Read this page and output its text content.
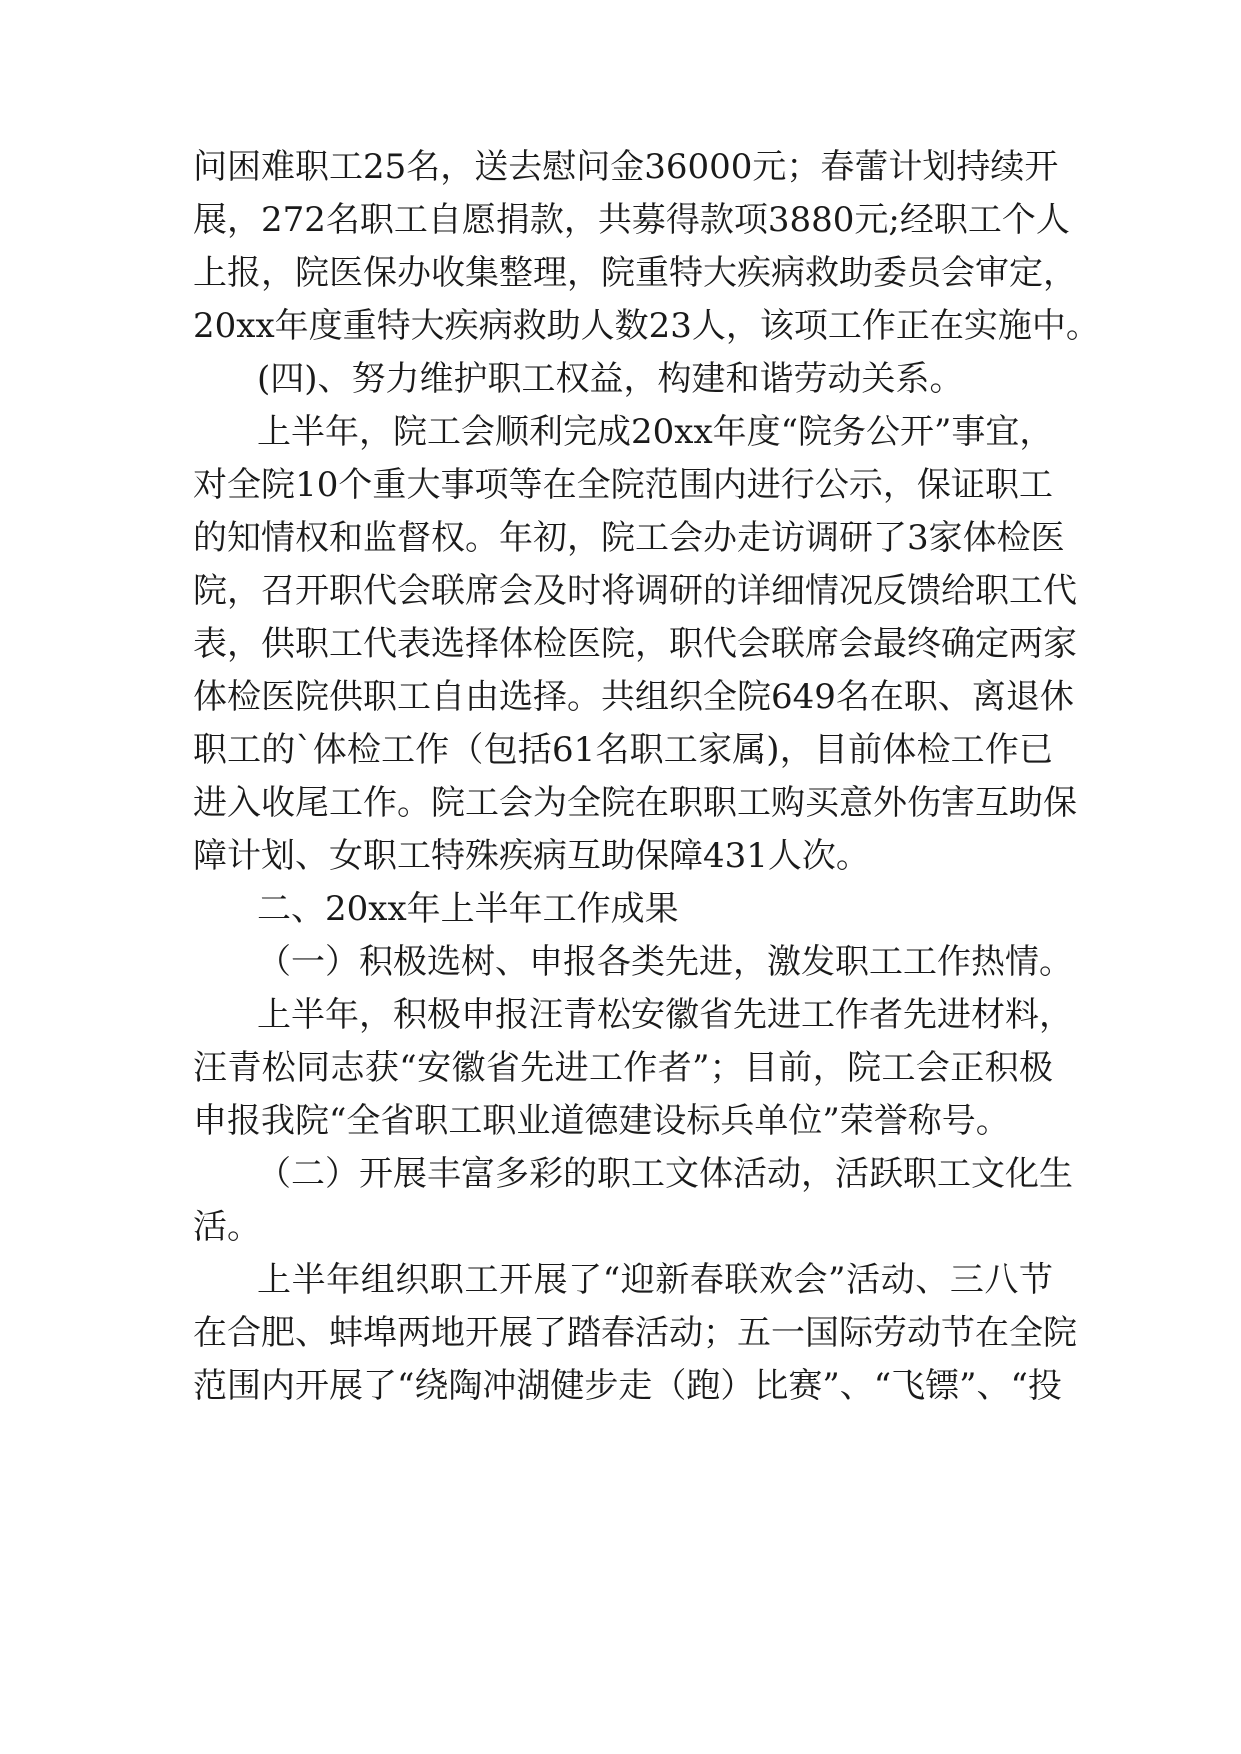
问困难职工25名，送去慰问金36000元；春蕾计划持续开
展，272名职工自愿捐款，共募得款项3880元;经职工个人
上报，院医保办收集整理，院重特大疾病救助委员会审定，
20xx年度重特大疾病救助人数23人，该项工作正在实施中。
(四)、努力维护职工权益，构建和谐劳动关系。
上半年，院工会顺利完成20xx年度“院务公开”事宜，
对全院10个重大事项等在全院范围内进行公示，保证职工
的知情权和监督权。年初，院工会办走访调研了3家体检医
院，召开职代会联席会及时将调研的详细情况反馈给职工代
表，供职工代表选择体检医院，职代会联席会最终确定两家
体检医院供职工自由选择。共组织全院649名在职、离退休
职工的`体检工作（包括61名职工家属)，目前体检工作已
进入收尾工作。院工会为全院在职职工购买意外伤害互助保
障计划、女职工特殊疾病互助保障431人次。
二、20xx年上半年工作成果
（一）积极选树、申报各类先进，激发职工工作热情。
上半年，积极申报汪青松安徽省先进工作者先进材料，
汪青松同志获“安徽省先进工作者”；目前，院工会正积极
申报我院“全省职工职业道德建设标兵单位”荣誉称号。
（二）开展丰富多彩的职工文体活动，活跃职工文化生
活。
上半年组织职工开展了“迎新春联欢会”活动、三八节
在合肥、蚌埠两地开展了踏春活动；五一国际劳动节在全院
范围内开展了“绕陶冲湖健步走（跑）比赛”、“飞镖”、“投
